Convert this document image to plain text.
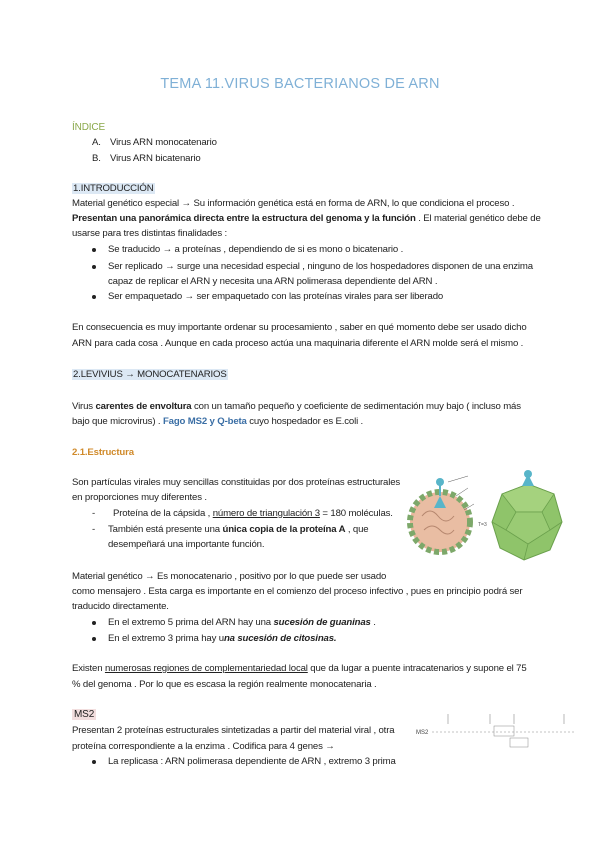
TEMA 11.VIRUS BACTERIANOS DE ARN
ÍNDICE
A. Virus ARN monocatenario
B. Virus ARN bicatenario
1.INTRODUCCIÓN
Material genético especial → Su información genética está en forma de ARN, lo que condiciona el proceso .
Presentan una panorámica directa entre la estructura del genoma y la función . El material genético debe de
usarse para tres distintas finalidades :
Se traducido → a proteínas , dependiendo de si es mono o bicatenario .
Ser replicado → surge una necesidad especial , ninguno de los hospedadores disponen de una enzima
capaz de replicar el ARN y necesita una ARN polimerasa dependiente del ARN .
Ser empaquetado → ser empaquetado con las proteínas virales para ser liberado
En consecuencia es muy importante ordenar su procesamiento , saber en qué momento debe ser usado dicho
ARN para cada cosa . Aunque en cada proceso actúa una maquinaria diferente el ARN molde será el mismo .
2.LEVIVIUS → MONOCATENARIOS
Virus carentes de envoltura con un tamaño pequeño y coeficiente de sedimentación muy bajo ( incluso más
bajo que microvirus) . Fago MS2 y Q-beta cuyo hospedador es E.coli .
2.1.Estructura
Son partículas virales muy sencillas constituidas por dos proteínas estructurales
en proporciones muy diferentes .
- Proteína de la cápsida , número de triangulación 3 = 180 moléculas.
- También está presente una única copia de la proteína A , que
desempeñará una importante función.
T=3
Material genético → Es monocatenario , positivo por lo que puede ser usado
como mensajero . Esta carga es importante en el comienzo del proceso infectivo , pues en principio podrá ser
traducido directamente.
En el extremo 5 prima del ARN hay una sucesión de guaninas .
En el extremo 3 prima hay una sucesión de citosinas.
Existen numerosas regiones de complementariedad local que da lugar a puente intracatenarios y supone el 75
% del genoma . Por lo que es escasa la región realmente monocatenaria .
MS2
Presentan 2 proteínas estructurales sintetizadas a partir del material viral , otra
proteína correspondiente a la enzima . Codifica para 4 genes →
La replicasa : ARN polimerasa dependiente de ARN , extremo 3 prima
MS2
